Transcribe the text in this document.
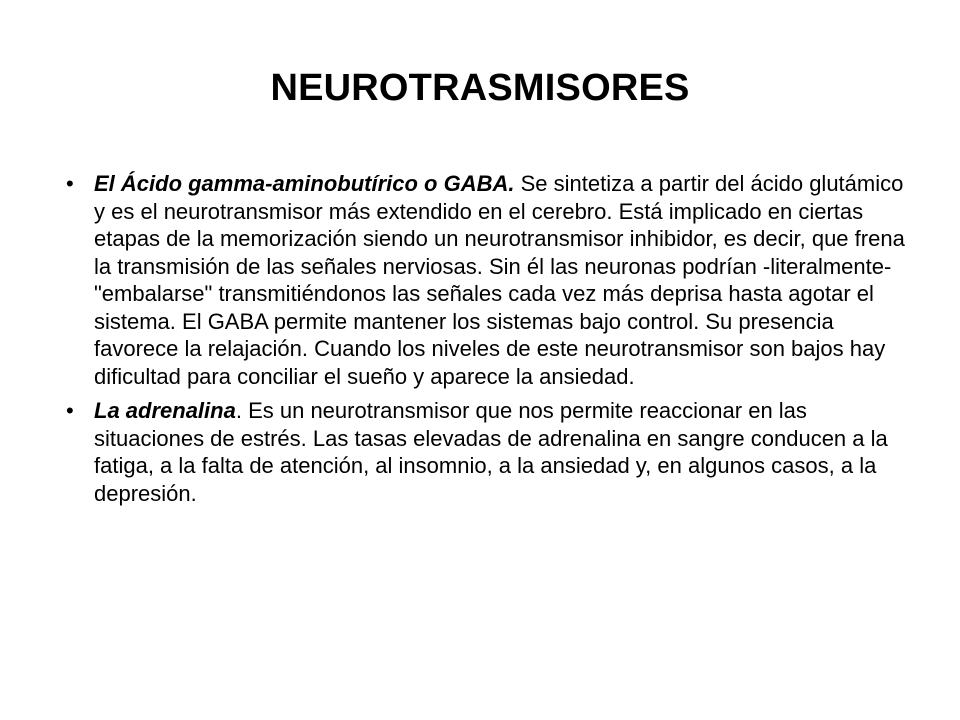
NEUROTRASMISORES
• El Ácido gamma-aminobutírico o GABA. Se sintetiza a partir del ácido glutámico y es el neurotransmisor más extendido en el cerebro. Está implicado en ciertas etapas de la memorización siendo un neurotransmisor inhibidor, es decir, que frena la transmisión de las señales nerviosas. Sin él las neuronas podrían -literalmente- "embalarse" transmitiéndonos las señales cada vez más deprisa hasta agotar el sistema. El GABA permite mantener los sistemas bajo control. Su presencia favorece la relajación. Cuando los niveles de este neurotransmisor son bajos hay dificultad para conciliar el sueño y aparece la ansiedad.
• La adrenalina. Es un neurotransmisor que nos permite reaccionar en las situaciones de estrés. Las tasas elevadas de adrenalina en sangre conducen a la fatiga, a la falta de atención, al insomnio, a la ansiedad y, en algunos casos, a la depresión.
